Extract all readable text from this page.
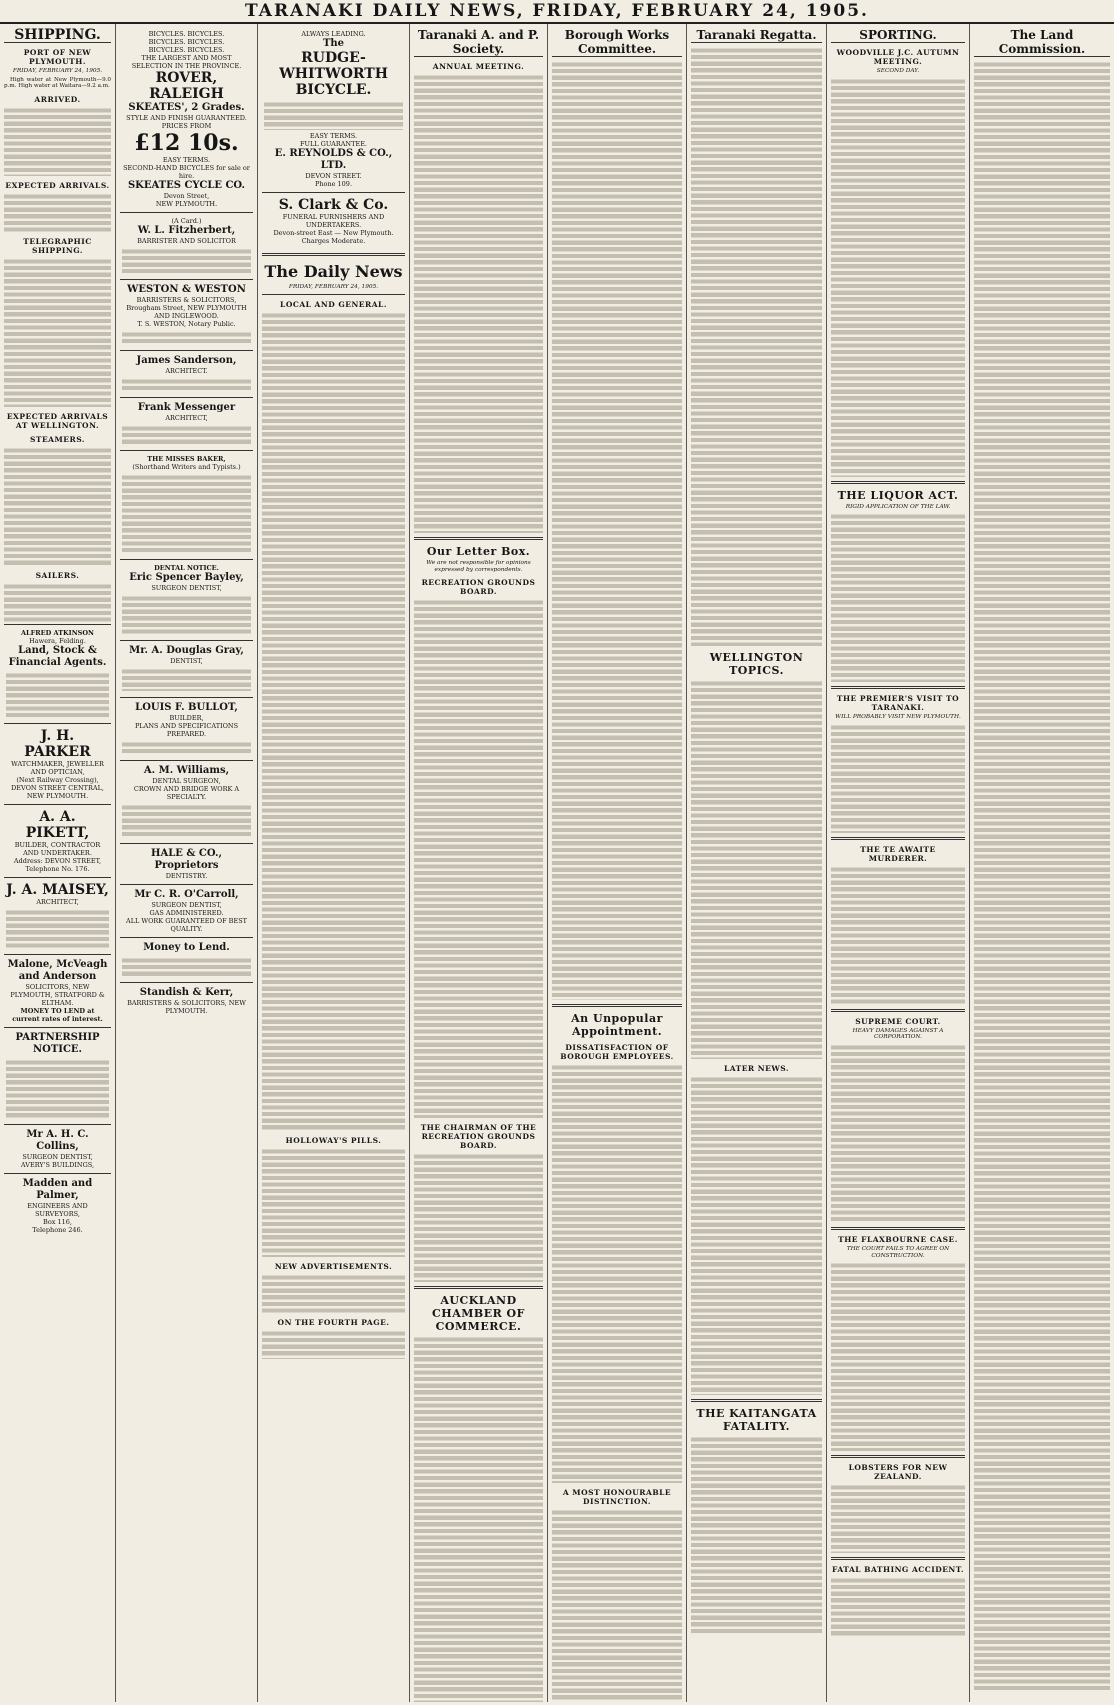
TARANAKI DAILY NEWS, FRIDAY, FEBRUARY 24, 1905.
SHIPPING.
PORT OF NEW PLYMOUTH.
FRIDAY, FEBRUARY 24, 1905.

High water at New Plymouth—9.0 p.m. High water at Waitara—9.2 a.m.

ARRIVED.
EXPECTED ARRIVALS.
TELEGRAPHIC SHIPPING.
EXPECTED ARRIVALS AT WELLINGTON.
STEAMERS.
SAILERS.
ALFRED ATKINSON
Hawera, Felding.
Land, Stock & Financial Agents.
J. H. PARKER
WATCHMAKER, JEWELLER AND OPTICIAN,
(Next Railway Crossing),
DEVON STREET CENTRAL,
NEW PLYMOUTH.
A. A. PIKETT,
BUILDER, CONTRACTOR AND UNDERTAKER.
Address: DEVON STREET, Telephone No. 176.
J. A. MAISEY,
ARCHITECT,
Malone, McVeagh and Anderson
SOLICITORS, NEW PLYMOUTH, STRATFORD & ELTHAM.
MONEY TO LEND at current rates of interest.
PARTNERSHIP NOTICE.
Mr A. H. C. Collins,
SURGEON DENTIST,
AVERY'S BUILDINGS,
Madden and Palmer,
ENGINEERS AND SURVEYORS,
Box 116,
Telephone 246.
BICYCLES. BICYCLES.
BICYCLES. BICYCLES.
BICYCLES. BICYCLES.
THE LARGEST AND MOST SELECTION IN THE PROVINCE.
ROVER,
RALEIGH
SKEATES', 2 Grades.
STYLE AND FINISH GUARANTEED.
PRICES FROM
£12 10s.
EASY TERMS.
SECOND-HAND BICYCLES for sale or hire.
SKEATES CYCLE CO.
Devon Street,
NEW PLYMOUTH.
(A Card.)
W. L. Fitzherbert,
BARRISTER AND SOLICITOR
WESTON & WESTON
BARRISTERS & SOLICITORS,
Brougham Street, NEW PLYMOUTH AND INGLEWOOD.
T. S. WESTON, Notary Public.
James Sanderson,
ARCHITECT.
Frank Messenger
ARCHITECT,
THE MISSES BAKER,
(Shorthand Writers and Typists.)
DENTAL NOTICE.
Eric Spencer Bayley,
SURGEON DENTIST,
Mr. A. Douglas Gray,
DENTIST,
LOUIS F. BULLOT,
BUILDER,
PLANS AND SPECIFICATIONS PREPARED.
A. M. Williams,
DENTAL SURGEON,
CROWN AND BRIDGE WORK A SPECIALTY.
HALE & CO., Proprietors
DENTISTRY.
Mr C. R. O'Carroll,
SURGEON DENTIST,
GAS ADMINISTERED.
ALL WORK GUARANTEED OF BEST QUALITY.
Money to Lend.
Standish & Kerr,
BARRISTERS & SOLICITORS, NEW PLYMOUTH.
ALWAYS LEADING.
The
RUDGE-WHITWORTH BICYCLE.
EASY TERMS.
FULL GUARANTEE.
E. REYNOLDS & CO., LTD.
DEVON STREET.
Phone 109.
S. Clark & Co.
FUNERAL FURNISHERS AND UNDERTAKERS.
Devon-street East — New Plymouth.
Charges Moderate.
The Daily News
FRIDAY, FEBRUARY 24, 1905.
LOCAL AND GENERAL.
HOLLOWAY'S PILLS.
NEW ADVERTISEMENTS.
ON THE FOURTH PAGE.
Taranaki A. and P. Society.
ANNUAL MEETING.
Our Letter Box.
We are not responsible for opinions expressed by correspondents.
RECREATION GROUNDS BOARD.
THE CHAIRMAN OF THE RECREATION GROUNDS BOARD.
AUCKLAND CHAMBER OF COMMERCE.
Borough Works Committee.
An Unpopular Appointment.
DISSATISFACTION OF BOROUGH EMPLOYEES.
A MOST HONOURABLE DISTINCTION.
Taranaki Regatta.
WELLINGTON TOPICS.
LATER NEWS.
THE KAITANGATA FATALITY.
SPORTING.
WOODVILLE J.C. AUTUMN MEETING.
SECOND DAY.
THE LIQUOR ACT.
RIGID APPLICATION OF THE LAW.
THE PREMIER'S VISIT TO TARANAKI.
WILL PROBABLY VISIT NEW PLYMOUTH.
THE TE AWAITE MURDERER.
SUPREME COURT.
HEAVY DAMAGES AGAINST A CORPORATION.
THE FLAXBOURNE CASE.
THE COURT FAILS TO AGREE ON CONSTRUCTION.
LOBSTERS FOR NEW ZEALAND.
FATAL BATHING ACCIDENT.
The Land Commission.
